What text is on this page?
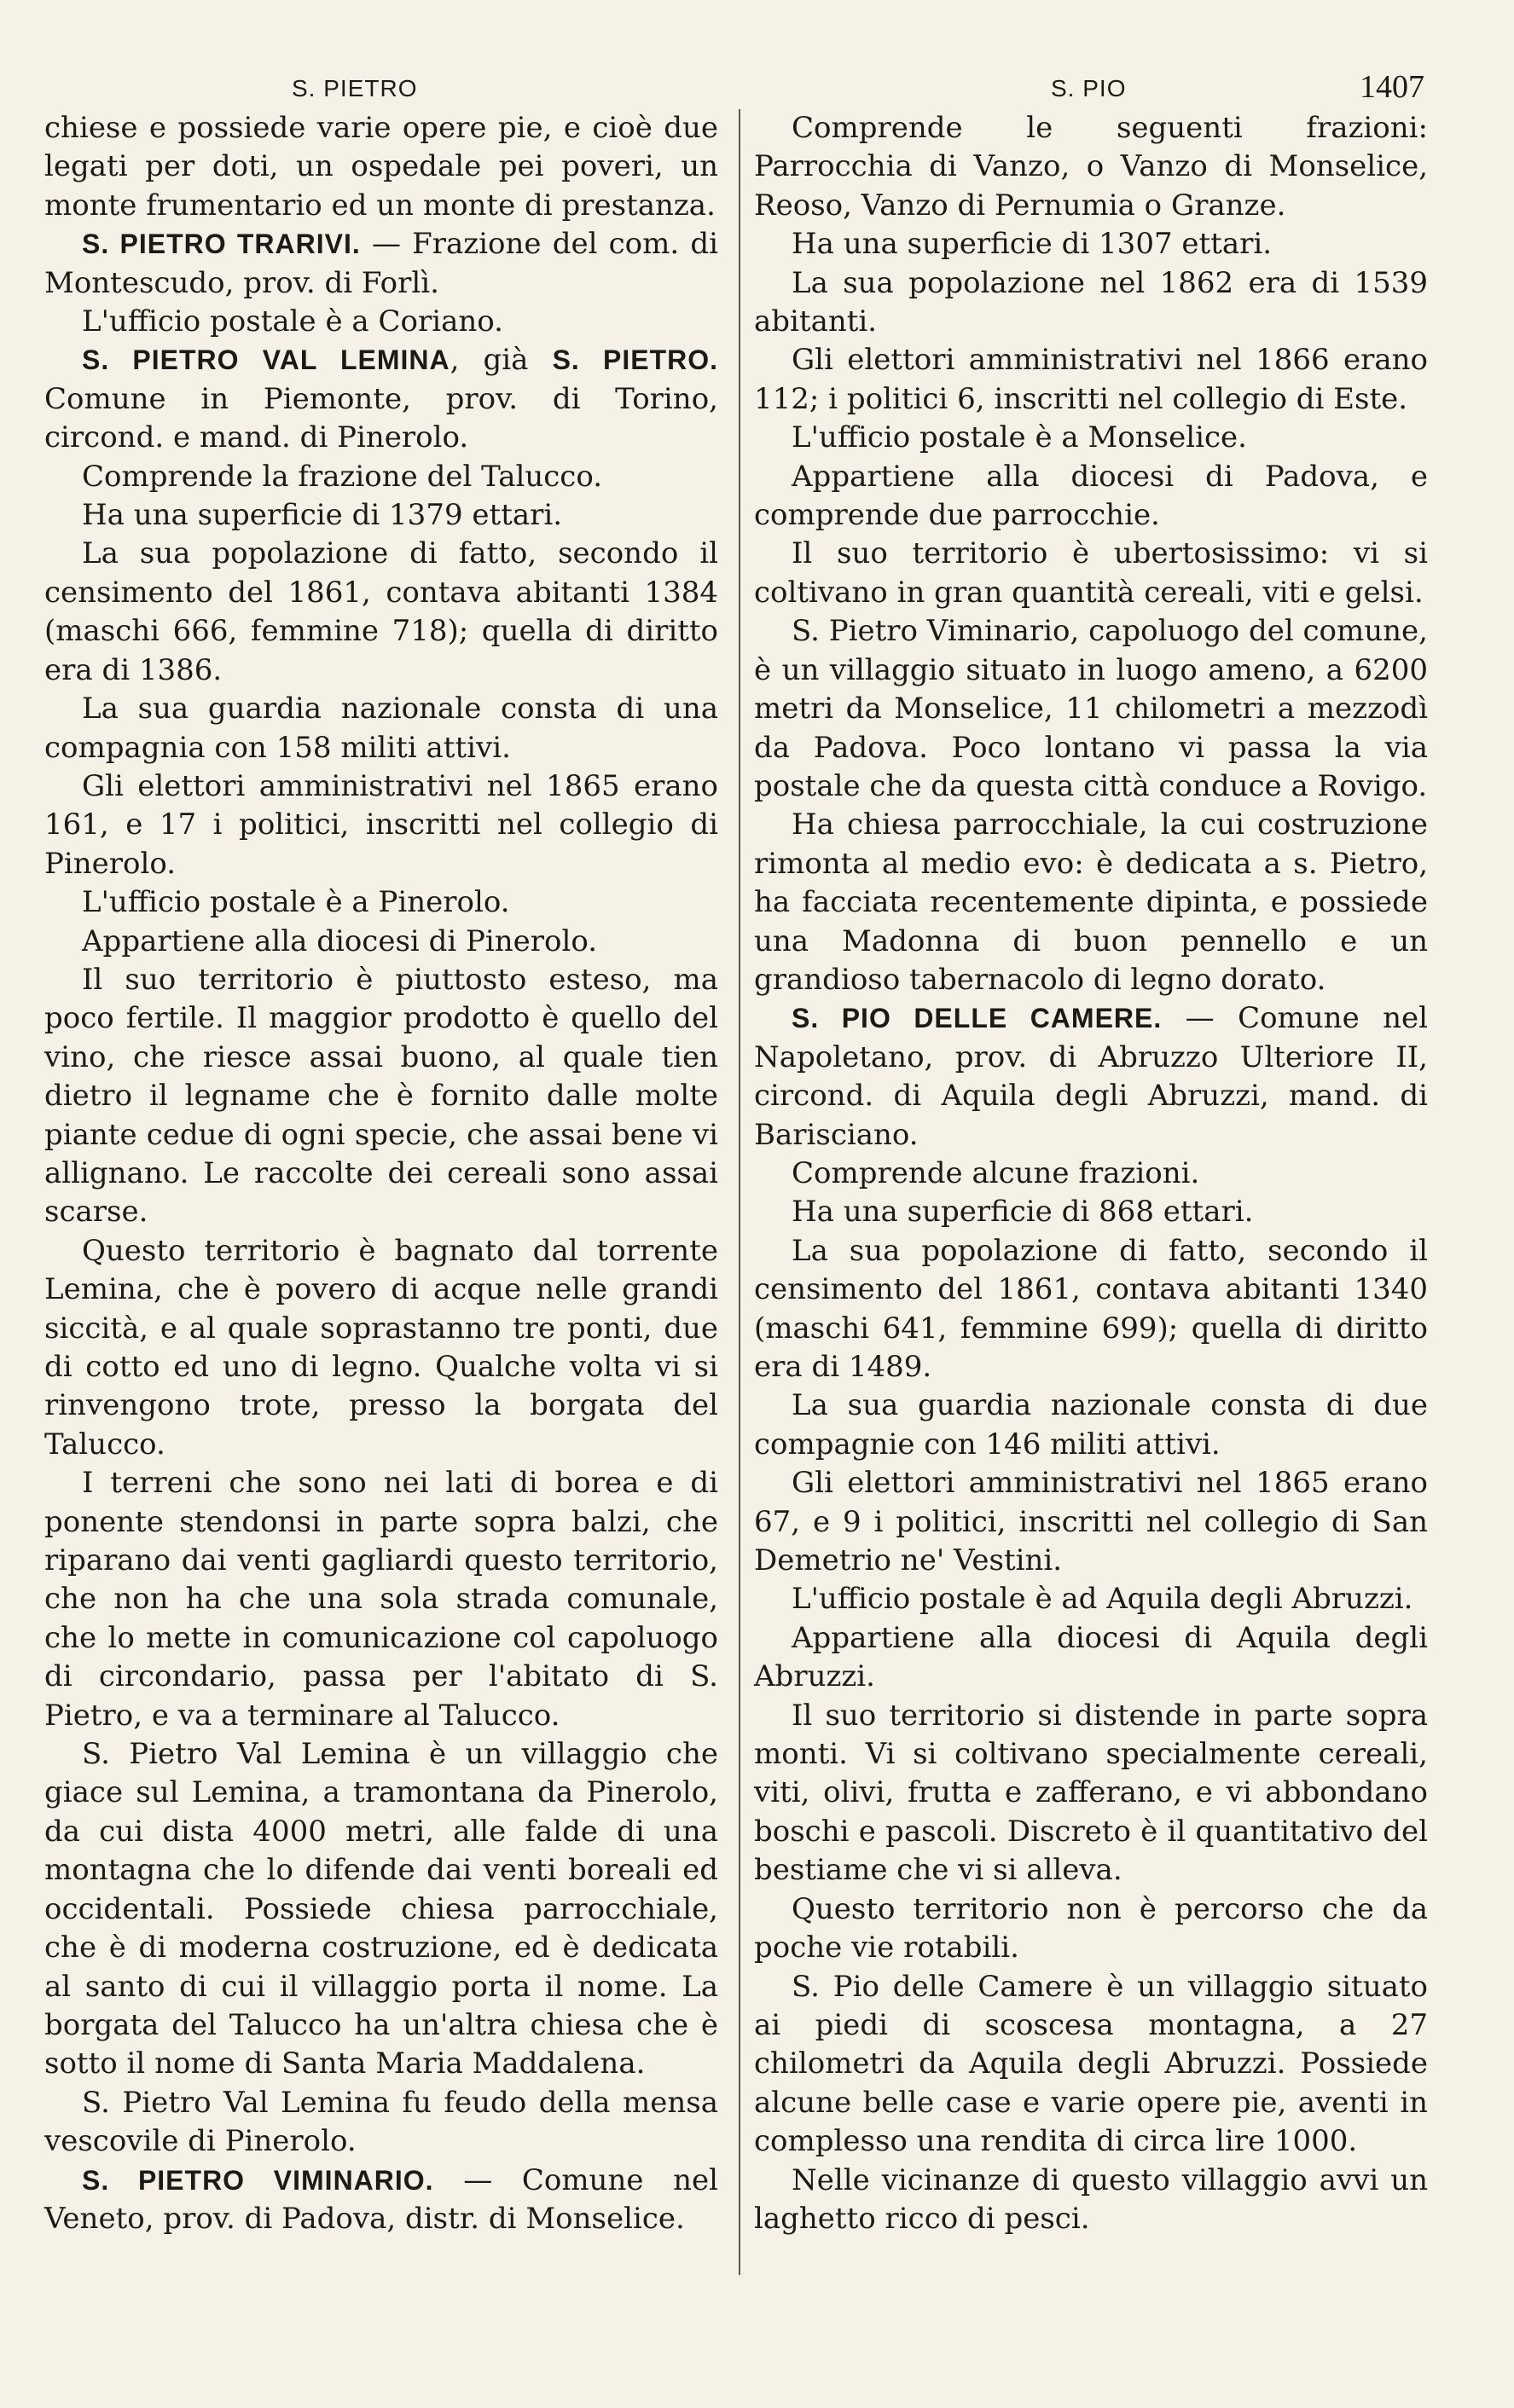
S. PIETRO	S. PIO	1407

chiese e possiede varie opere pie, e cioè due legati per doti, un ospedale pei poveri, un monte frumentario ed un monte di prestanza.

S. PIETRO TRARIVI. — Frazione del com. di Montescudo, prov. di Forlì.

L'ufficio postale è a Coriano.

S. PIETRO VAL LEMINA, già S. PIETRO. Comune in Piemonte, prov. di Torino, circond. e mand. di Pinerolo.

Comprende la frazione del Talucco.

Ha una superficie di 1379 ettari.

La sua popolazione di fatto, secondo il censimento del 1861, contava abitanti 1384 (maschi 666, femmine 718); quella di diritto era di 1386.

La sua guardia nazionale consta di una compagnia con 158 militi attivi.

Gli elettori amministrativi nel 1865 erano 161, e 17 i politici, inscritti nel collegio di Pinerolo.

L'ufficio postale è a Pinerolo.

Appartiene alla diocesi di Pinerolo.

Il suo territorio è piuttosto esteso, ma poco fertile. Il maggior prodotto è quello del vino, che riesce assai buono, al quale tien dietro il legname che è fornito dalle molte piante cedue di ogni specie, che assai bene vi allignano. Le raccolte dei cereali sono assai scarse.

Questo territorio è bagnato dal torrente Lemina, che è povero di acque nelle grandi siccità, e al quale soprastanno tre ponti, due di cotto ed uno di legno. Qualche volta vi si rinvengono trote, presso la borgata del Talucco.

I terreni che sono nei lati di borea e di ponente stendonsi in parte sopra balzi, che riparano dai venti gagliardi questo territorio, che non ha che una sola strada comunale, che lo mette in comunicazione col capoluogo di circondario, passa per l'abitato di S. Pietro, e va a terminare al Talucco.

S. Pietro Val Lemina è un villaggio che giace sul Lemina, a tramontana da Pinerolo, da cui dista 4000 metri, alle falde di una montagna che lo difende dai venti boreali ed occidentali. Possiede chiesa parrocchiale, che è di moderna costruzione, ed è dedicata al santo di cui il villaggio porta il nome. La borgata del Talucco ha un'altra chiesa che è sotto il nome di Santa Maria Maddalena.

S. Pietro Val Lemina fu feudo della mensa vescovile di Pinerolo.

S. PIETRO VIMINARIO. — Comune nel Veneto, prov. di Padova, distr. di Monselice.

Comprende le seguenti frazioni: Parrocchia di Vanzo, o Vanzo di Monselice, Reoso, Vanzo di Pernumia o Granze.

Ha una superficie di 1307 ettari.

La sua popolazione nel 1862 era di 1539 abitanti.

Gli elettori amministrativi nel 1866 erano 112; i politici 6, inscritti nel collegio di Este.

L'ufficio postale è a Monselice.

Appartiene alla diocesi di Padova, e comprende due parrocchie.

Il suo territorio è ubertosissimo: vi si coltivano in gran quantità cereali, viti e gelsi.

S. Pietro Viminario, capoluogo del comune, è un villaggio situato in luogo ameno, a 6200 metri da Monselice, 11 chilometri a mezzodì da Padova. Poco lontano vi passa la via postale che da questa città conduce a Rovigo.

Ha chiesa parrocchiale, la cui costruzione rimonta al medio evo: è dedicata a s. Pietro, ha facciata recentemente dipinta, e possiede una Madonna di buon pennello e un grandioso tabernacolo di legno dorato.

S. PIO DELLE CAMERE. — Comune nel Napoletano, prov. di Abruzzo Ulteriore II, circond. di Aquila degli Abruzzi, mand. di Barisciano.

Comprende alcune frazioni.

Ha una superficie di 868 ettari.

La sua popolazione di fatto, secondo il censimento del 1861, contava abitanti 1340 (maschi 641, femmine 699); quella di diritto era di 1489.

La sua guardia nazionale consta di due compagnie con 146 militi attivi.

Gli elettori amministrativi nel 1865 erano 67, e 9 i politici, inscritti nel collegio di San Demetrio ne' Vestini.

L'ufficio postale è ad Aquila degli Abruzzi.

Appartiene alla diocesi di Aquila degli Abruzzi.

Il suo territorio si distende in parte sopra monti. Vi si coltivano specialmente cereali, viti, olivi, frutta e zafferano, e vi abbondano boschi e pascoli. Discreto è il quantitativo del bestiame che vi si alleva.

Questo territorio non è percorso che da poche vie rotabili.

S. Pio delle Camere è un villaggio situato ai piedi di scoscesa montagna, a 27 chilometri da Aquila degli Abruzzi. Possiede alcune belle case e varie opere pie, aventi in complesso una rendita di circa lire 1000.

Nelle vicinanze di questo villaggio avvi un laghetto ricco di pesci.
